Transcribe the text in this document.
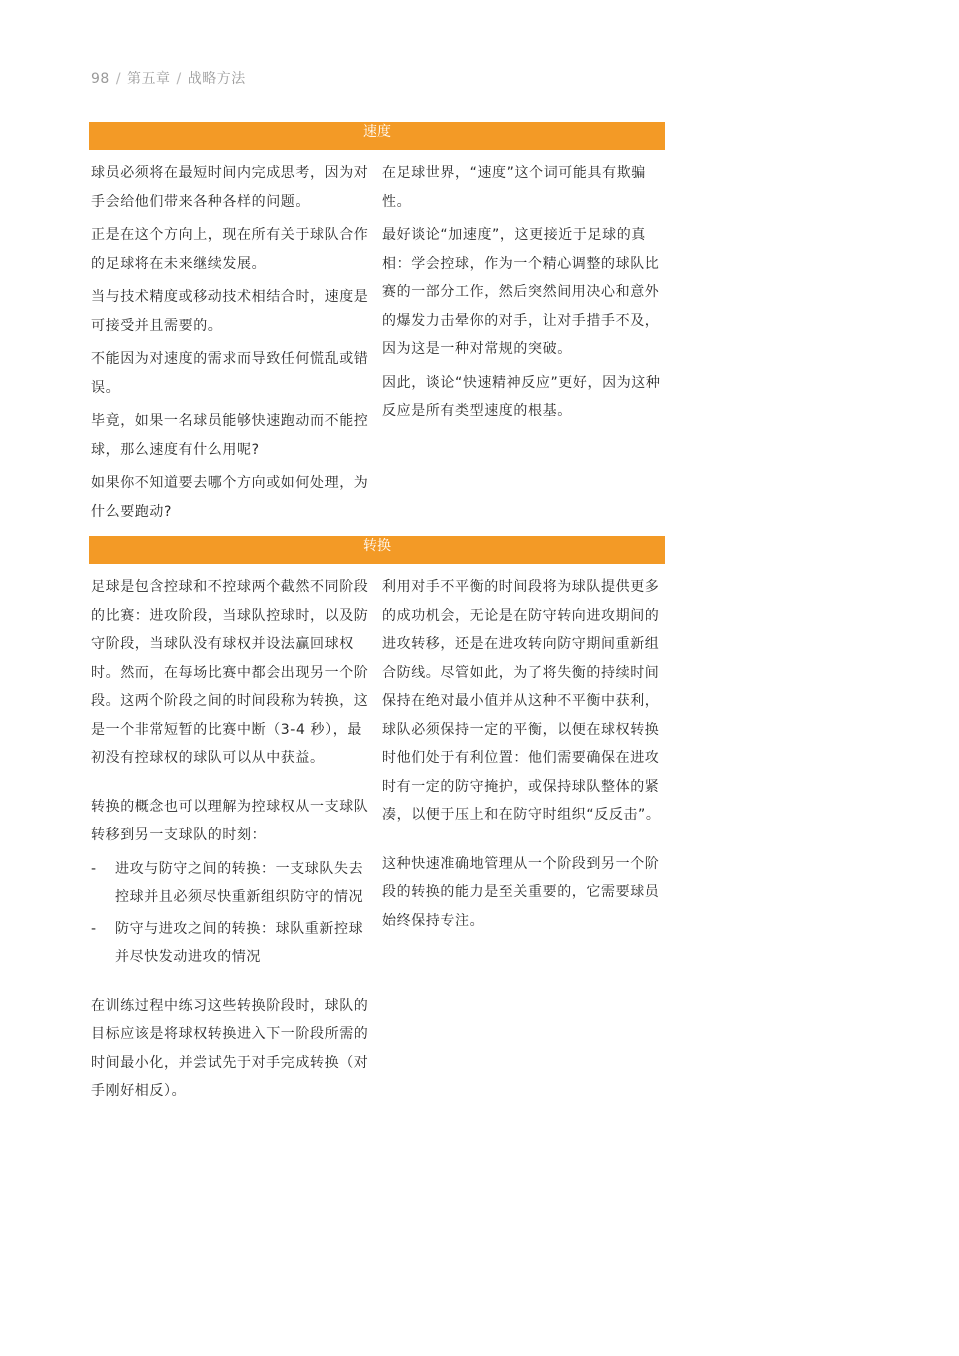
98 / 第五章 / 战略方法
速度

球员必须将在最短时间内完成思考，因为对手会给他们带来各种各样的问题。

正是在这个方向上，现在所有关于球队合作的足球将在未来继续发展。

当与技术精度或移动技术相结合时，速度是可接受并且需要的。

不能因为对速度的需求而导致任何慌乱或错误。

毕竟，如果一名球员能够快速跑动而不能控球，那么速度有什么用呢?

如果你不知道要去哪个方向或如何处理，为什么要跑动?

在足球世界，“速度”这个词可能具有欺骗性。

最好谈论“加速度”，这更接近于足球的真相：学会控球，作为一个精心调整的球队比赛的一部分工作，然后突然间用决心和意外的爆发力击晕你的对手，让对手措手不及，因为这是一种对常规的突破。

因此，谈论“快速精神反应”更好，因为这种反应是所有类型速度的根基。

转换

足球是包含控球和不控球两个截然不同阶段的比赛：进攻阶段，当球队控球时，以及防守阶段，当球队没有球权并设法赢回球权时。然而，在每场比赛中都会出现另一个阶段。这两个阶段之间的时间段称为转换，这是一个非常短暂的比赛中断（3-4 秒），最初没有控球权的球队可以从中获益。

转换的概念也可以理解为控球权从一支球队转移到另一支球队的时刻：

-	进攻与防守之间的转换：一支球队失去控球并且必须尽快重新组织防守的情况
-	防守与进攻之间的转换：球队重新控球并尽快发动进攻的情况

在训练过程中练习这些转换阶段时，球队的目标应该是将球权转换进入下一阶段所需的时间最小化，并尝试先于对手完成转换（对手刚好相反）。

利用对手不平衡的时间段将为球队提供更多的成功机会，无论是在防守转向进攻期间的进攻转移，还是在进攻转向防守期间重新组合防线。尽管如此，为了将失衡的持续时间保持在绝对最小值并从这种不平衡中获利，球队必须保持一定的平衡，以便在球权转换时他们处于有利位置：他们需要确保在进攻时有一定的防守掩护，或保持球队整体的紧凑，以便于压上和在防守时组织“反反击”。

这种快速准确地管理从一个阶段到另一个阶段的转换的能力是至关重要的，它需要球员始终保持专注。
